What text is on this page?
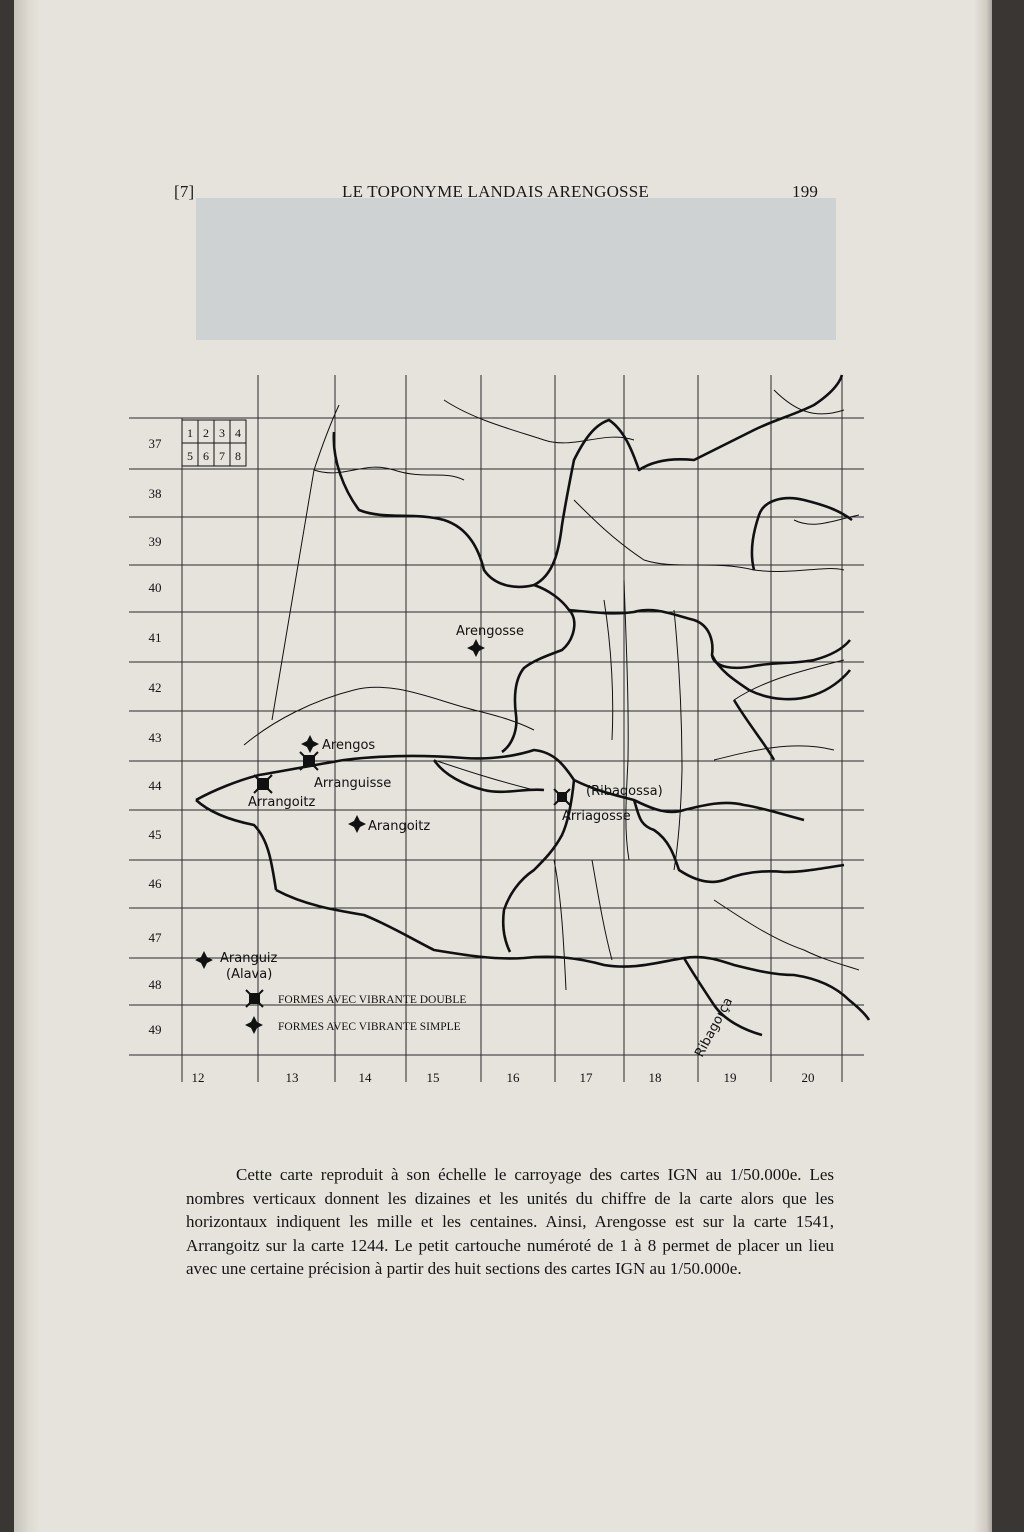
[7]	LE TOPONYME LANDAIS ARENGOSSE	199
1 2 3 4
5 6 7 8
37
38
39
40
41
42
43
44
45
46
47
48
49
12	13	14	15	16	17	18	19	20
Arengosse
Arengos
Arranguisse
Arrangoitz
Arangoitz
(Ribagossa)
Arriagosse
Aranguiz
(Alava)
Ribagorça
FORMES AVEC VIBRANTE DOUBLE
FORMES AVEC VIBRANTE SIMPLE
Cette carte reproduit à son échelle le carroyage des cartes IGN au 1/50.000e. Les nombres verticaux donnent les dizaines et les unités du chiffre de la carte alors que les horizontaux indiquent les mille et les centaines. Ainsi, Arengosse est sur la carte 1541, Arrangoitz sur la carte 1244. Le petit cartouche numéroté de 1 à 8 permet de placer un lieu avec une certaine précision à partir des huit sections des cartes IGN au 1/50.000e.
